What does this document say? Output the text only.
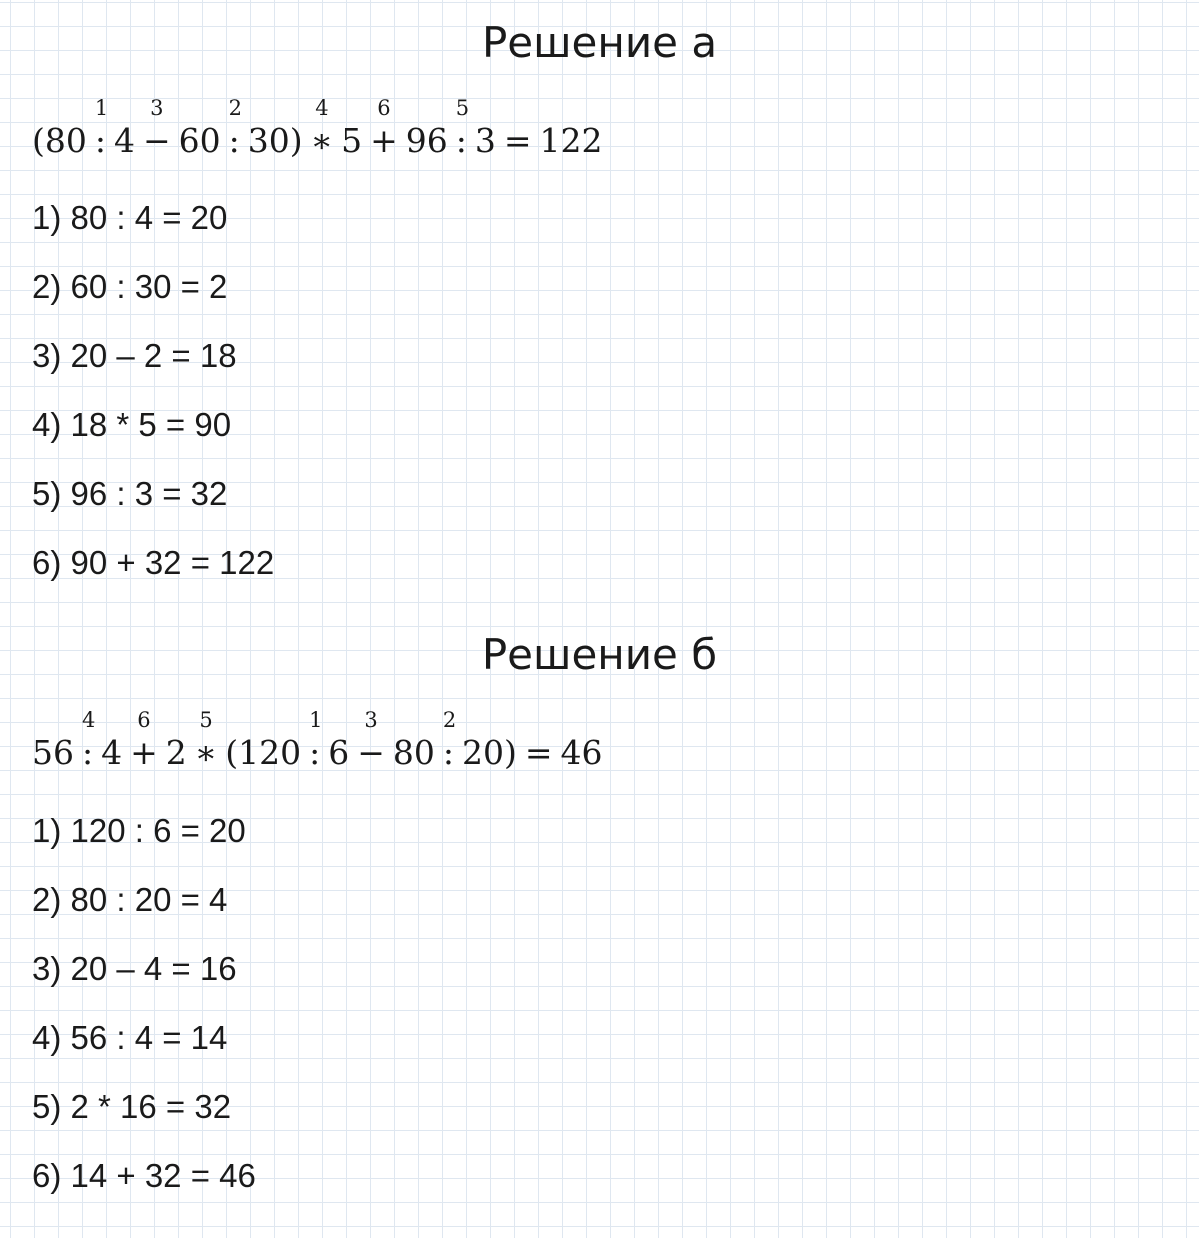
Решение а
(80
1
: 4
3
− 60
2
: 30)
4
∗ 5
6
+ 96
5
: 3 = 122
1) 80 : 4 = 20
2) 60 : 30 = 2
3) 20 – 2 = 18
4) 18 * 5 = 90
5) 96 : 3 = 32
6) 90 + 32 = 122
Решение б
56
4
: 4
6
+ 2
5
∗ (120
1
: 6
3
− 80
2
: 20) = 46
1) 120 : 6 = 20
2) 80 : 20 = 4
3) 20 – 4 = 16
4) 56 : 4 = 14
5) 2 * 16 = 32
6) 14 + 32 = 46
